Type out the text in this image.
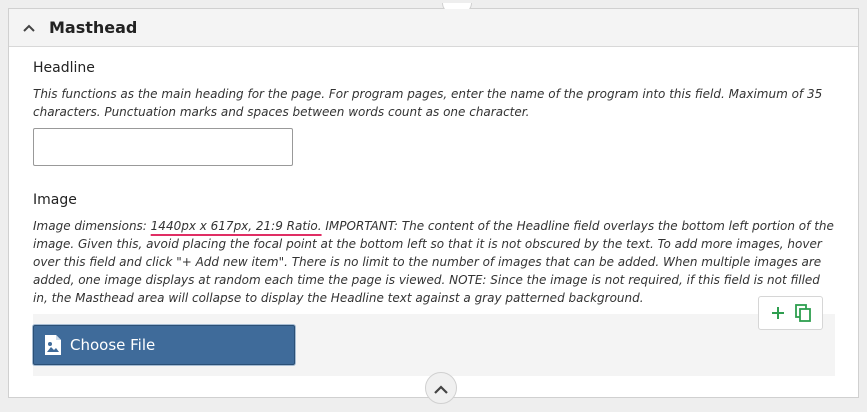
Masthead
Headline
This functions as the main heading for the page. For program pages, enter the name of the program into this field. Maximum of 35 characters. Punctuation marks and spaces between words count as one character.
Image
Image dimensions: 1440px x 617px, 21:9 Ratio. IMPORTANT: The content of the Headline field overlays the bottom left portion of the image. Given this, avoid placing the focal point at the bottom left so that it is not obscured by the text. To add more images, hover over this field and click "+ Add new item". There is no limit to the number of images that can be added. When multiple images are added, one image displays at random each time the page is viewed. NOTE: Since the image is not required, if this field is not filled in, the Masthead area will collapse to display the Headline text against a gray patterned background.
Choose File
